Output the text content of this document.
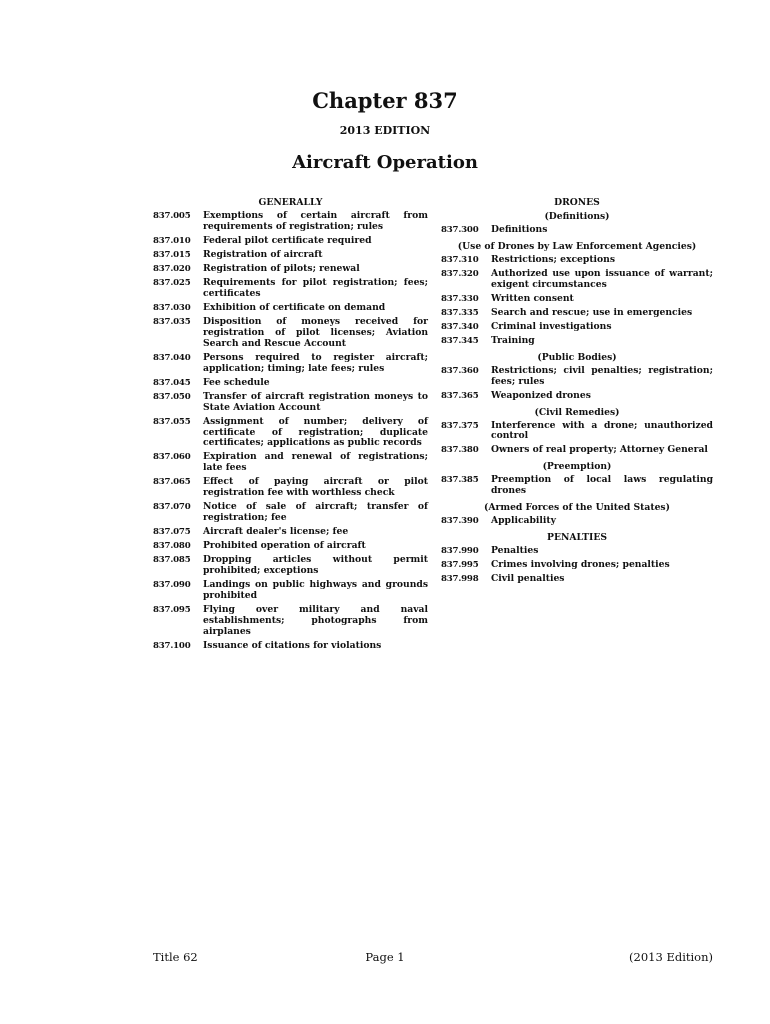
Chapter 837
2013 EDITION
Aircraft Operation
GENERALLY
837.005	Exemptions of certain aircraft from requirements of registration; rules
837.010	Federal pilot certificate required
837.015	Registration of aircraft
837.020	Registration of pilots; renewal
837.025	Requirements for pilot registration; fees; certificates
837.030	Exhibition of certificate on demand
837.035	Disposition of moneys received for registration of pilot licenses; Aviation Search and Rescue Account
837.040	Persons required to register aircraft; application; timing; late fees; rules
837.045	Fee schedule
837.050	Transfer of aircraft registration moneys to State Aviation Account
837.055	Assignment of number; delivery of certificate of registration; duplicate certificates; applications as public records
837.060	Expiration and renewal of registrations; late fees
837.065	Effect of paying aircraft or pilot registration fee with worthless check
837.070	Notice of sale of aircraft; transfer of registration; fee
837.075	Aircraft dealer's license; fee
837.080	Prohibited operation of aircraft
837.085	Dropping articles without permit prohibited; exceptions
837.090	Landings on public highways and grounds prohibited
837.095	Flying over military and naval establishments; photographs from airplanes
837.100	Issuance of citations for violations
DRONES
(Definitions)
837.300	Definitions
(Use of Drones by Law Enforcement Agencies)
837.310	Restrictions; exceptions
837.320	Authorized use upon issuance of warrant; exigent circumstances
837.330	Written consent
837.335	Search and rescue; use in emergencies
837.340	Criminal investigations
837.345	Training
(Public Bodies)
837.360	Restrictions; civil penalties; registration; fees; rules
837.365	Weaponized drones
(Civil Remedies)
837.375	Interference with a drone; unauthorized control
837.380	Owners of real property; Attorney General
(Preemption)
837.385	Preemption of local laws regulating drones
(Armed Forces of the United States)
837.390	Applicability
PENALTIES
837.990	Penalties
837.995	Crimes involving drones; penalties
837.998	Civil penalties
Title 62	Page 1	(2013 Edition)
